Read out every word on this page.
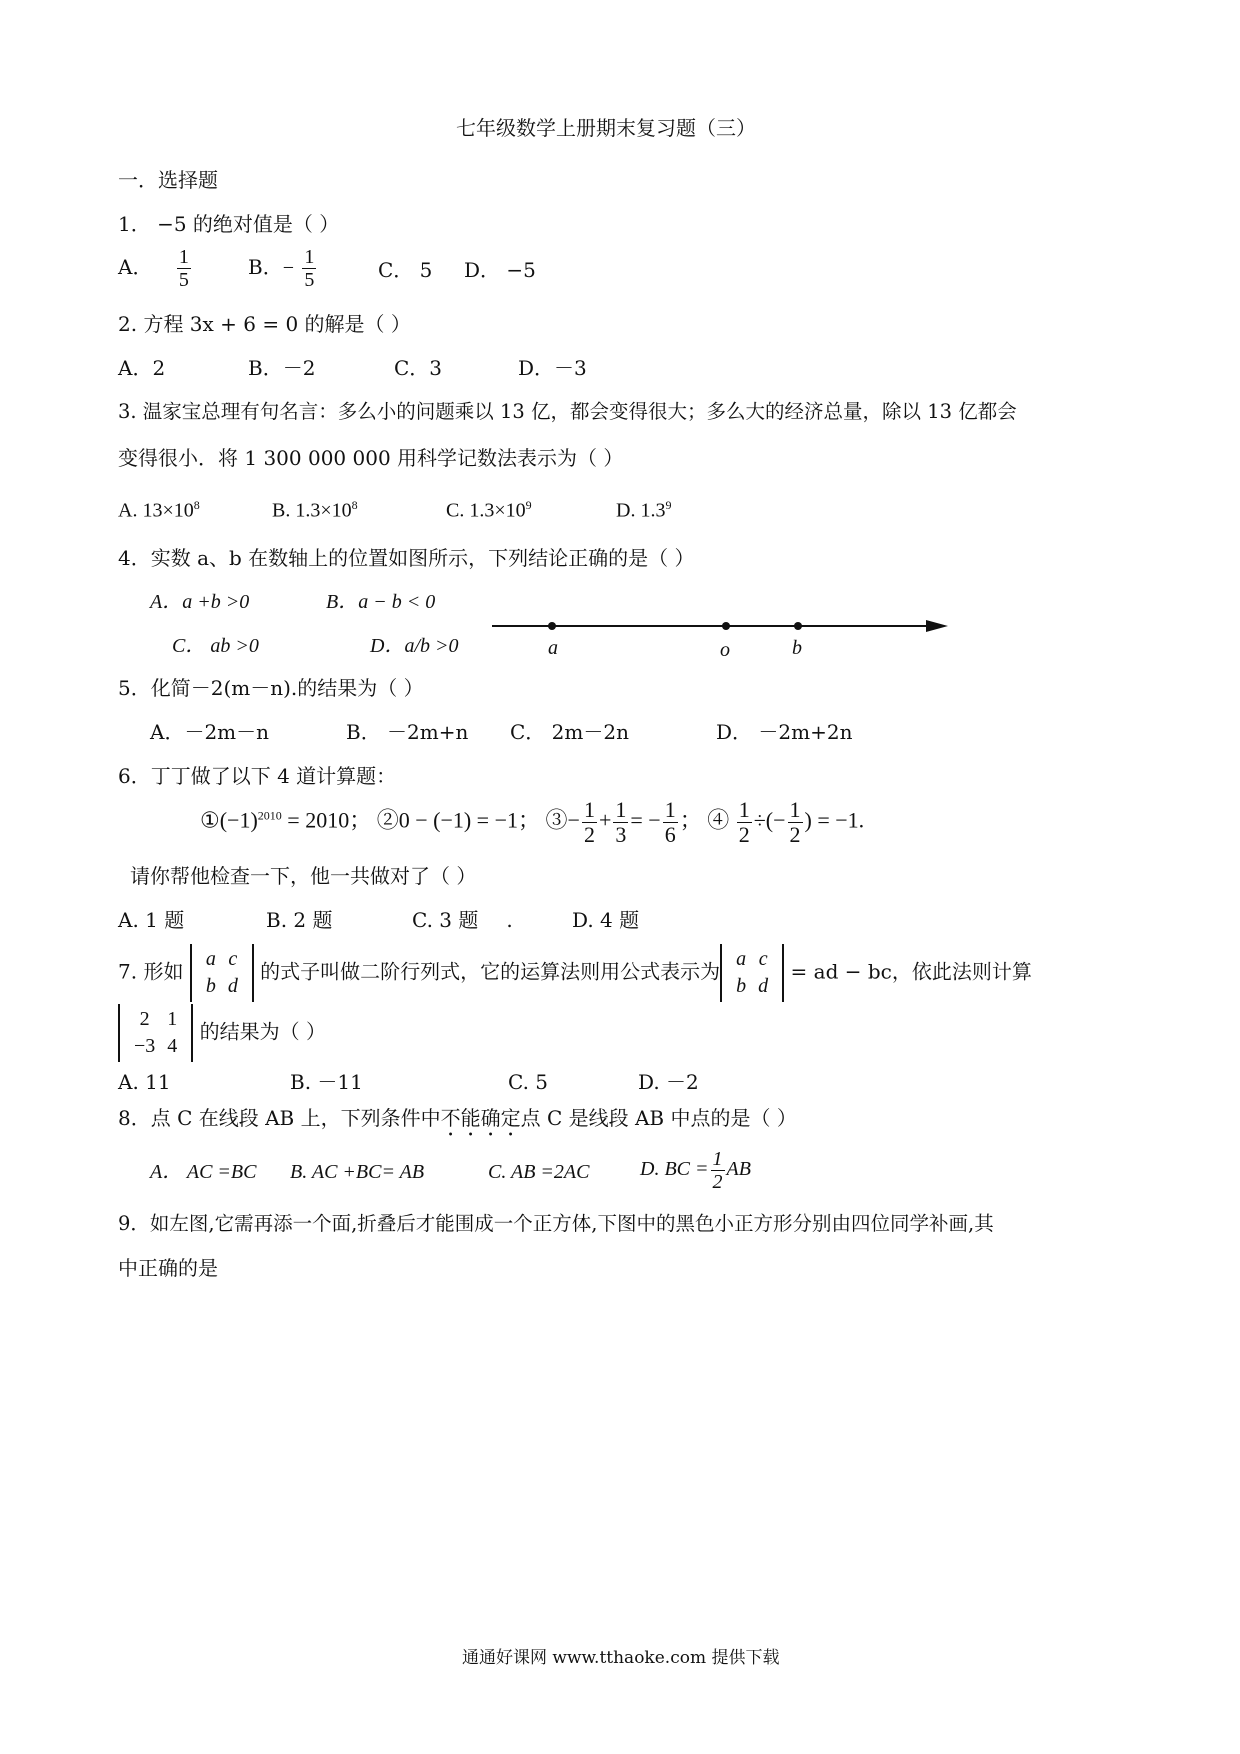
七年级数学上册期末复习题（三）
一．选择题
1． −5 的绝对值是（ ）
A． $\frac{1}{5}$	B．− $\frac{1}{5}$	C． 5 D． −5
2. 方程 3x + 6 = 0 的解是（ ）
A．2	B．－2	C．3	D．－3
3. 温家宝总理有句名言：多么小的问题乘以 13 亿，都会变得很大；多么大的经济总量，除以 13 亿都会
变得很小．将 1 300 000 000 用科学记数法表示为（ ）
A. $13\times 10^8$	B. $1.3\times 10^8$	C. $1.3\times 10^9$	D. $1.3^9$
4．实数 a、b 在数轴上的位置如图所示，下列结论正确的是（ ）
A．a +b >0	B．a − b < 0
C． ab >0	D．a/b >0	a	o	b
5．化简－2(m－n).的结果为（ ）
A．－2m－n	B． －2m+n C． 2m－2n	D． －2m+2n
6．丁丁做了以下 4 道计算题：
$①(-1)^{2010} = 2010$； ②0 − (−1) = −1； ③− $\frac{1}{2} + \frac{1}{3}$ = − $\frac{1}{6}$ ； ④ $\frac{1}{2}$ ÷(− $\frac{1}{2}$ ) = −1.
请你帮他检查一下，他一共做对了（ ）
A. 1 题	B. 2 题	C. 3 题 .	D. 4 题
7. 形如
a	c
b	d
的式子叫做二阶行列式，它的运算法则用公式表示为
a	c
b	d
= ad − bc，依此法则计算
2	1
−3	4
的结果为（ ）
A. 11	B. －11	C. 5	D. －2
8．点 C 在线段 AB 上，下列条件中不能确定点 C 是线段 AB 中点的是（ ）
A． AC =BC B. AC +BC= AB	C. AB =2AC	D. BC = $\frac{1}{2}$ AB
9．如左图,它需再添一个面,折叠后才能围成一个正方体,下图中的黑色小正方形分别由四位同学补画,其
中正确的是
通通好课网 www.tthaoke.com 提供下载
